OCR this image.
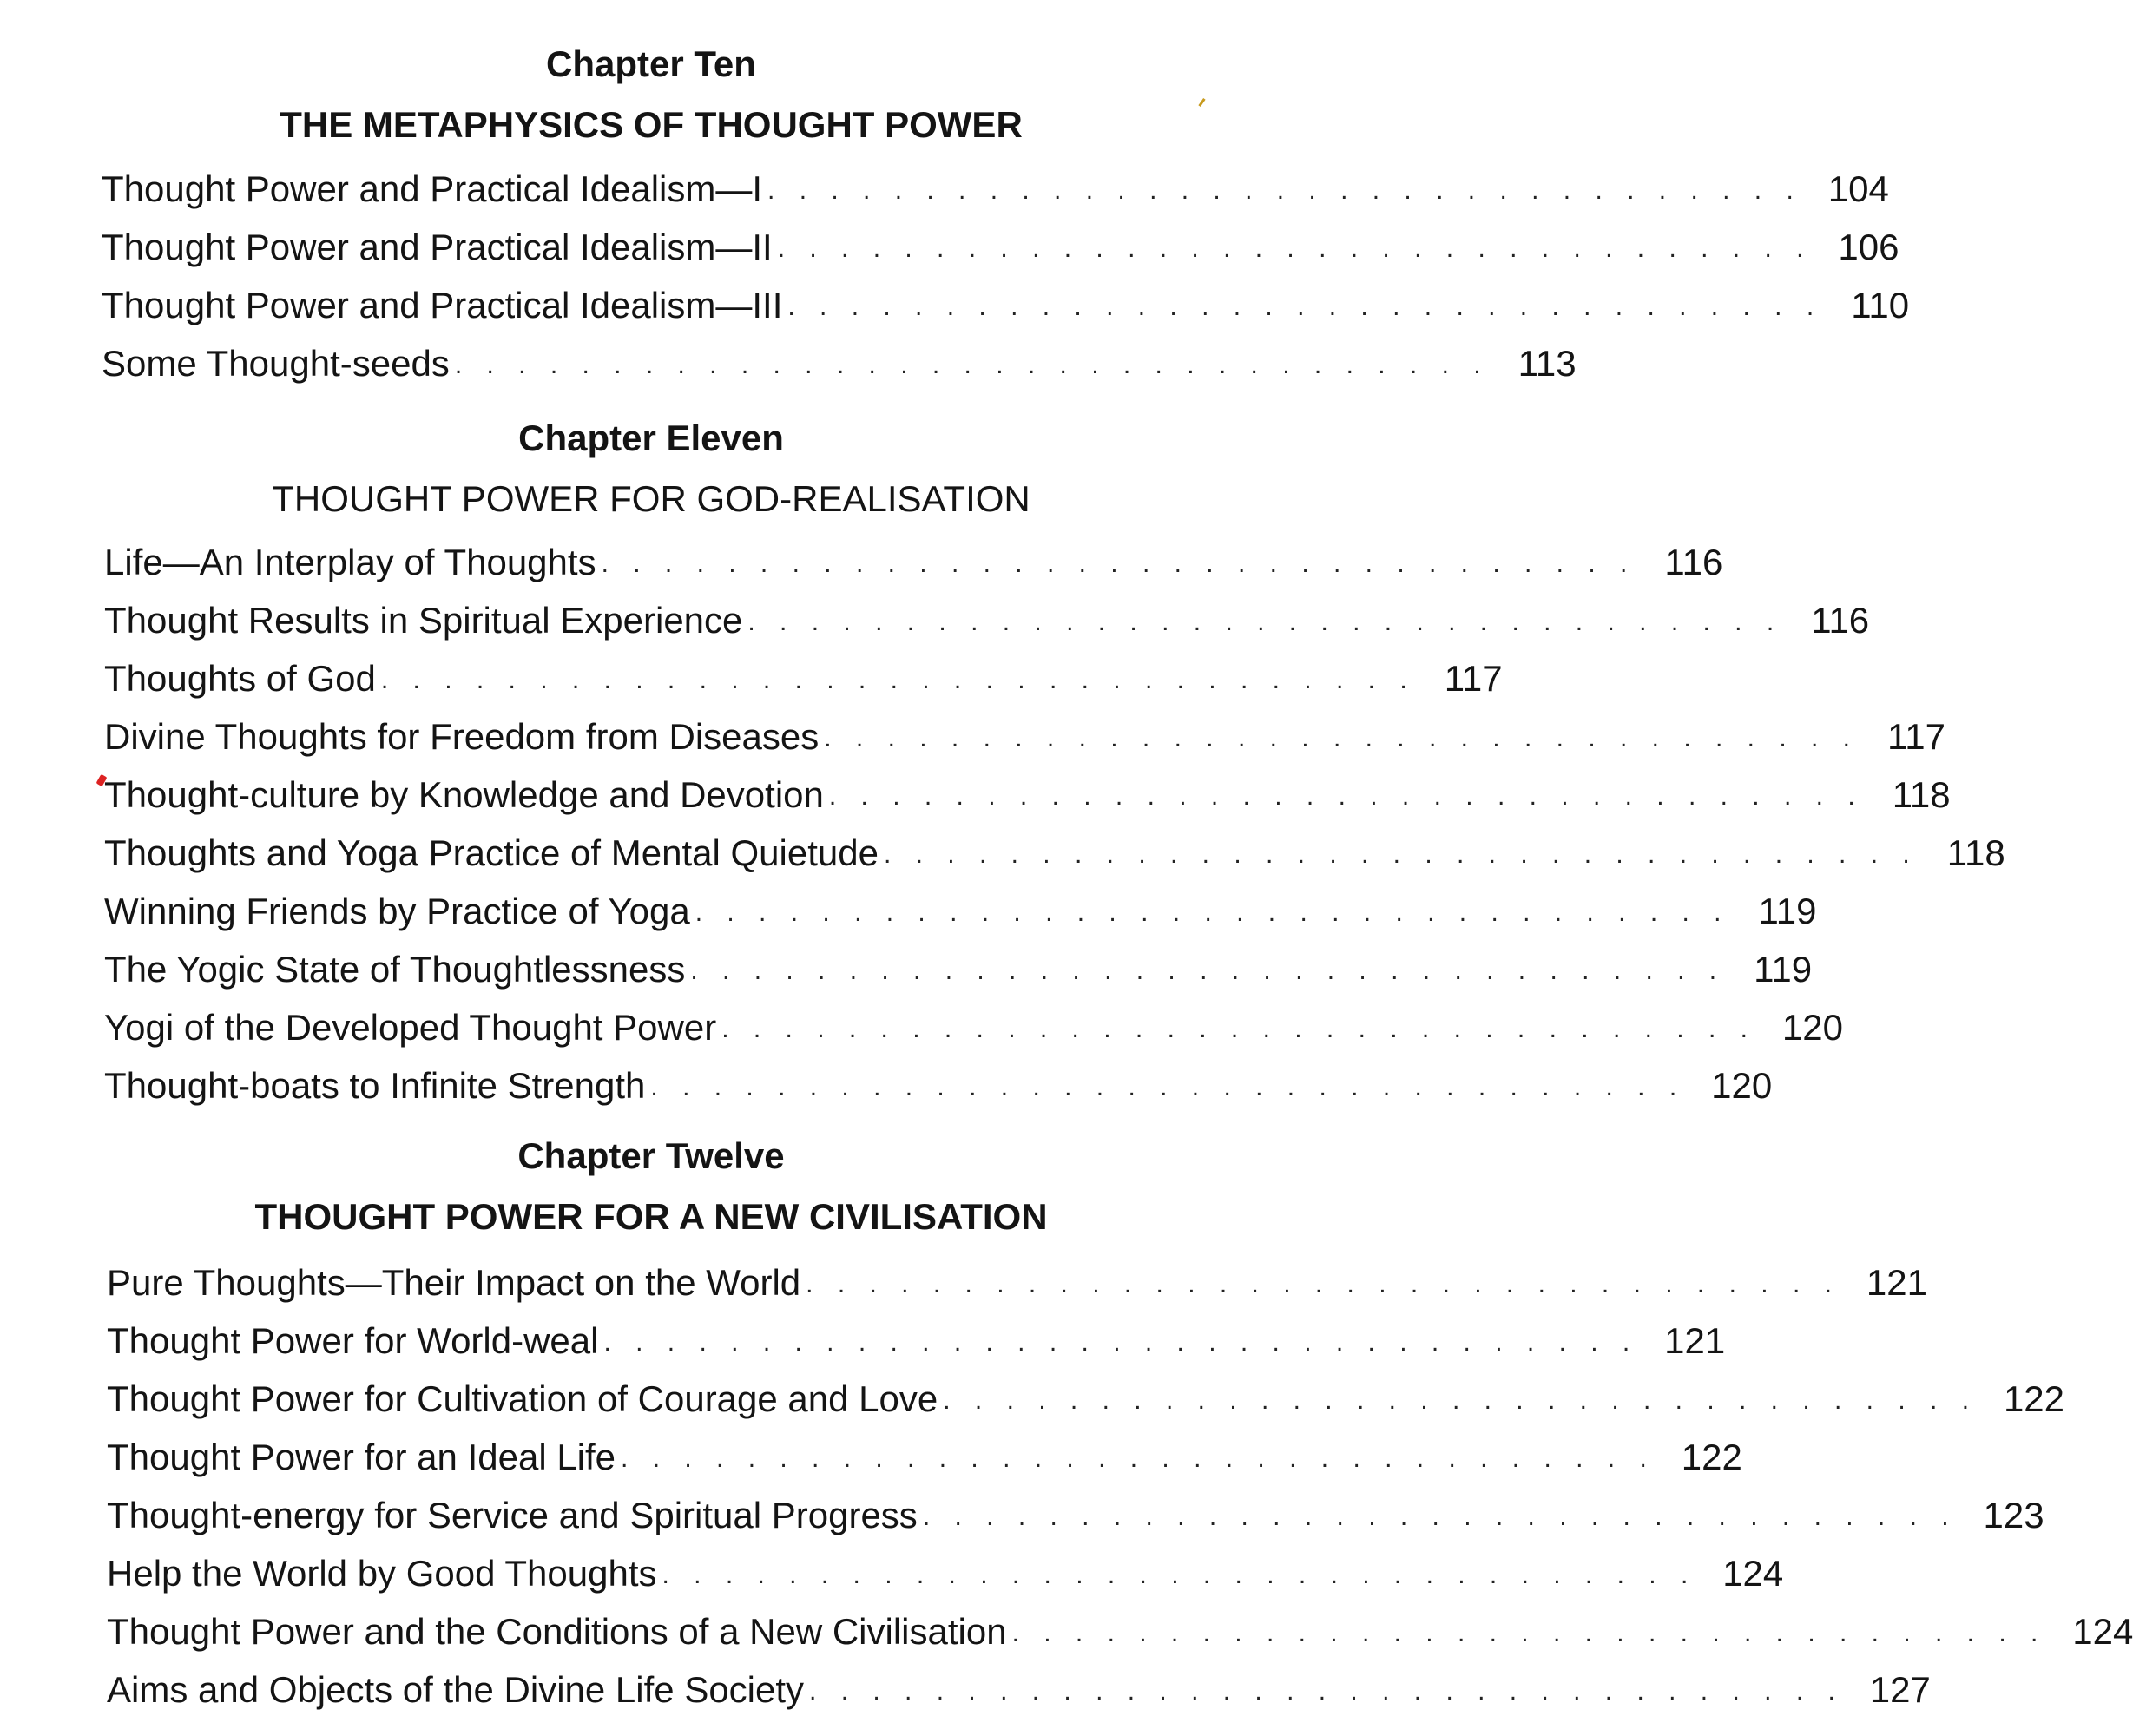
Chapter Ten
THE METAPHYSICS OF THOUGHT POWER
Thought Power and Practical Idealism—I . . . . . . . . . . . . . . . . . . . . . . . . . . . . . . . . . 104
Thought Power and Practical Idealism—II . . . . . . . . . . . . . . . . . . . . . . . . . . . . . . . . . 106
Thought Power and Practical Idealism—III . . . . . . . . . . . . . . . . . . . . . . . . . . . . . . . . . 110
Some Thought-seeds . . . . . . . . . . . . . . . . . . . . . . . . . . . . . . . . . 113
Chapter Eleven
THOUGHT POWER FOR GOD-REALISATION
Life—An Interplay of Thoughts . . . . . . . . . . . . . . . . . . . . . . . . . . . . . . . . . 116
Thought Results in Spiritual Experience . . . . . . . . . . . . . . . . . . . . . . . . . . . . . . . . . 116
Thoughts of God . . . . . . . . . . . . . . . . . . . . . . . . . . . . . . . . . 117
Divine Thoughts for Freedom from Diseases . . . . . . . . . . . . . . . . . . . . . . . . . . . . . . . . . 117
Thought-culture by Knowledge and Devotion . . . . . . . . . . . . . . . . . . . . . . . . . . . . . . . . . 118
Thoughts and Yoga Practice of Mental Quietude . . . . . . . . . . . . . . . . . . . . . . . . . . . . . . . . . 118
Winning Friends by Practice of Yoga . . . . . . . . . . . . . . . . . . . . . . . . . . . . . . . . . 119
The Yogic State of Thoughtlessness . . . . . . . . . . . . . . . . . . . . . . . . . . . . . . . . . 119
Yogi of the Developed Thought Power . . . . . . . . . . . . . . . . . . . . . . . . . . . . . . . . . 120
Thought-boats to Infinite Strength . . . . . . . . . . . . . . . . . . . . . . . . . . . . . . . . . 120
Chapter Twelve
THOUGHT POWER FOR A NEW CIVILISATION
Pure Thoughts—Their Impact on the World . . . . . . . . . . . . . . . . . . . . . . . . . . . . . . . . . 121
Thought Power for World-weal . . . . . . . . . . . . . . . . . . . . . . . . . . . . . . . . . 121
Thought Power for Cultivation of Courage and Love . . . . . . . . . . . . . . . . . . . . . . . . . . . . . . . . . 122
Thought Power for an Ideal Life . . . . . . . . . . . . . . . . . . . . . . . . . . . . . . . . . 122
Thought-energy for Service and Spiritual Progress . . . . . . . . . . . . . . . . . . . . . . . . . . . . . . . . . 123
Help the World by Good Thoughts . . . . . . . . . . . . . . . . . . . . . . . . . . . . . . . . . 124
Thought Power and the Conditions of a New Civilisation . . . . . . . . . . . . . . . . . . . . . . . . . . . . . . . . . 124
Aims and Objects of the Divine Life Society . . . . . . . . . . . . . . . . . . . . . . . . . . . . . . . . . 127
